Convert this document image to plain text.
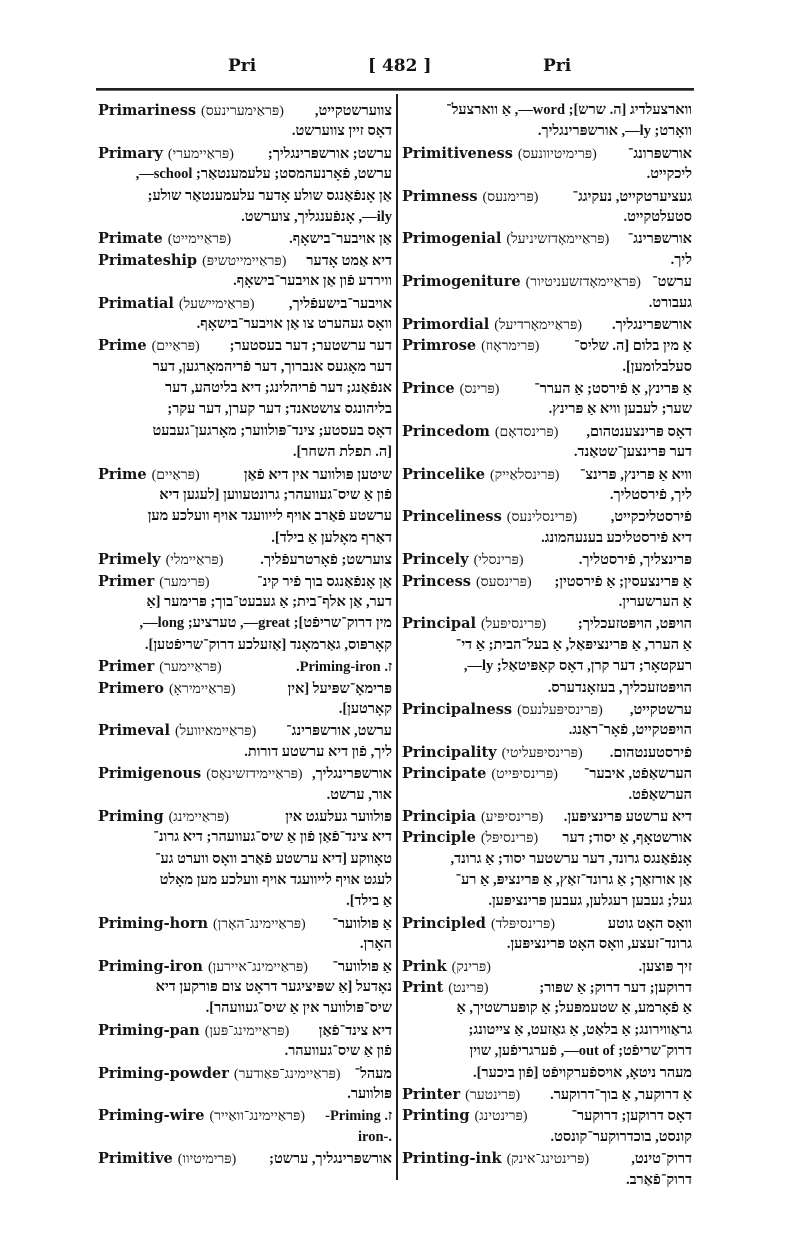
Pri	[ 482 ]	Pri
Primariness (פּראַימערינעס) צווערשטקייט,
דאָס זיין צווערשט.
Primary (פּראַיימערי) ערשט; אורשפּרינגליך;
ערשט, פֿאָרנעהמסט; עלעמענטאַר; school—,
אַן אָנפֿאַנגס שולע אָדער עלעמענטאַר שולע;
ily—, אָנפֿענגליך, צוערשט.
Primate (פּראַיימייט)	אַן אויבער־בישאָף.
Primateship (פּראַיימייטשיפּ) דיא אַמט אָדער
ווירדע פֿון אַן אויבער־בישאָף.
Primatial (פּראַימיישעל) אויבער־בישעפֿליך,
וואָס געהערט צו אַן אויבער־בישאָף.
Prime (פּראַיים) דער ערשטער; דער בעסטער;
דער מאָגעס אנברוך, דער פֿריהמאָרגען, דער
אנפֿאַנג; דער פֿריהלינג; דיא בליטהע, דער
בליהונגס צושטאנד; דער קערן, דער עקר;
דאָס בעסטע; צינד־פּולווער; מאָרגען־געבעט
[ה. תפלת השחר].
Prime (פּראַיים)	שיטען פּולווער אין דיא פֿאַן
פֿון אַ שיס־געוועהר; גרונטעווען [לעגען דיא
ערשטע פֿאַרב אויף לייוועגד אויף וועלכע מען
דאַרף מאָלען אַ בילד].
Primely (פּראַיימלי)	צוערשט; פֿאָרטרעפֿליך.
Primer (פּרימער)	אַן אָנפֿאַנגס בוך פֿיר קינ־
דער, אַן אלף־בית; אַ געבעט־בוך; פּרימער [אַ
מין דרוק־שריפֿט]; great—, טערציע; long—,
קאָרפּוס, גאַרמאָנד [אַזעלכע דרוק־שריפֿטען].
Primer (פּראַיימער)	ז. Priming-iron.
Primero (פּראַיימיראָ)	פּרימאָ־שפּיעל [אין
קאָרטען].
Primeval (פּראַיימאיוועל) ערשט, אורשפּרינג־
ליך, פֿון דיא ערשטע דורות.
Primigenous (פּראַיימידזשינאָס) אורשפּרינגליך,
אור, ערשט.
Priming (פּראַיימינג)	פּולווער געלעגט אין
דיא צינד־פֿאַן פֿון אַ שיס־געוועהר; דיא גרונ־
טאָווקע [דיא ערשטע פֿאַרב וואָס ווערט גע־
לעגט אויף לייוועגד אויף וועלכע מען מאָלט
אַ בילד].
Priming-horn (פּראַיימינג־האָרן) אַ פּולווער־
האָרן.
Priming-iron (פּראַיימינג־איירען) אַ פּולווער־
נאָדעל [אַ שפּיציגער דראָט צום פּורקען דיא
שיס־פּולווער אין אַ שיס־געוועהר].
Priming-pan (פּראַיימינג־פּען) דיא צינד־פֿאַן
פֿון אַ שיס־געוועהר.
Priming-powder (פּראַיימינג־פּאַודער) מעהל־
פּולווער.
Priming-wire (פּראַיימינג־וואַייר) ז. Priming-
.-iron
Primitive (פּרימיטיוו) אורשפּרינגליך, ערשט;
ווארצעלדיג [ה. שרש]; word—, אַ ווארצעל־
וואָרט; ly—, אורשפּרינגליך.
Primitiveness (פּרימיטיוונעס) אורשפּרונג־
ליכקייט.
Primness (פּרימנעס) געציערטקייט, נעקיגג־
סטעלטקייט.
Primogenial (פּראַיימאָדזשיניעל) אורשפּרינג־
ליך.
Primogeniture (פּראַיימאָדזשעניטיור) ערשט־
געבורט.
Primordial (פּראַיימאָרדיעל) אורשפּרינגליך.
Primrose (פּרימראָוז) אַ מין בלום [ה. שליס־
סעלבלומען].
Prince (פּרינס) אַ פּרינץ, אַ פֿירסט; אַ הערר־
שער; לעבען וויא אַ פּרינץ.
Princedom (פּרינסדאָם) דאָס פּרינצענטהום,
דער פּרינצען־שטאַנד.
Princelike (פּרינסלאַייק) וויא אַ פּרינץ, פּרינצ־
ליך, פֿירסטליך.
Princeliness (פּרינסלינעס) פֿירסטליכקייט,
דיא פֿירסטליכע בענעהמונג.
Princely (פּרינסלי)	פּרינצליך, פֿירסטליך.
Princess (פּרינסעס) אַ פּרינצעסין; אַ פֿירסטין;
אַ הערשערין.
Principal (פּרינסיפּעל) הויפּט, הויפּטזעכליך;
אַ הערר, אַ פּרינציפּאַל, אַ בעל־הבית; אַ די־
רעקטאָר; דער קרן, דאָס קאַפּיטאַל; ly—,
הויפּטזעכליך, בעזאָנדערס.
Principalness (פּרינסיפּעלנעס) ערשטקייט,
הויפּטקייט, פֿאָר־ראַנג.
Principality (פּרינסיפּעליטי) פֿירסטענטהום.
Principate (פּרינסיפּייט) הערשאַפֿט, איבער־
הערשאַפֿט.
Principia (פּרינסיפּיע) דיא ערשטע פּרינציפּען.
Principle (פּרינסיפּל) אורשטאָף, אַ יסוד; דער
אָנפֿאַנגס גרונד, דער ערשטער יסוד; אַ גרונד,
אַן אורזאַך; אַ גרונד־זאַץ, אַ פּרינציפּ, אַ רע־
געל; געבען רעגלען, געבען פּרינציפּען.
Principled (פּרינסיפּלד)	וואָס האָט גוטע
גרונד־זעצע, וואָס האָט פּרינציפּען.
Prink (פּרינק)	זיך פּוצען.
Print (פּרינט)	דרוקען; דער דרוק; אַ שפּור;
אַ פֿאָרמע, אַ שטעמפּעל; אַ קופּערשטיך, אַ
גראַווירונג; אַ בלאַט, אַ גאַזעט, אַ צייטונג;
דרוק־שריפֿט; out of—, פֿערגריפֿען, שוין
מעהר ניטאָ, אויספֿערקויפֿט [פֿון ביכער].
Printer (פּרינטער) אַ דרוקער, אַ בוך־דרוקער.
Printing (פּרינטינג)	דאָס דרוקען; דרוקער־
קונסט, בוכדרוקער־קונסט.
Printing-ink (פּרינטינג־אינק)	דרוק־טינט,
דרוק־פֿאַרב.
